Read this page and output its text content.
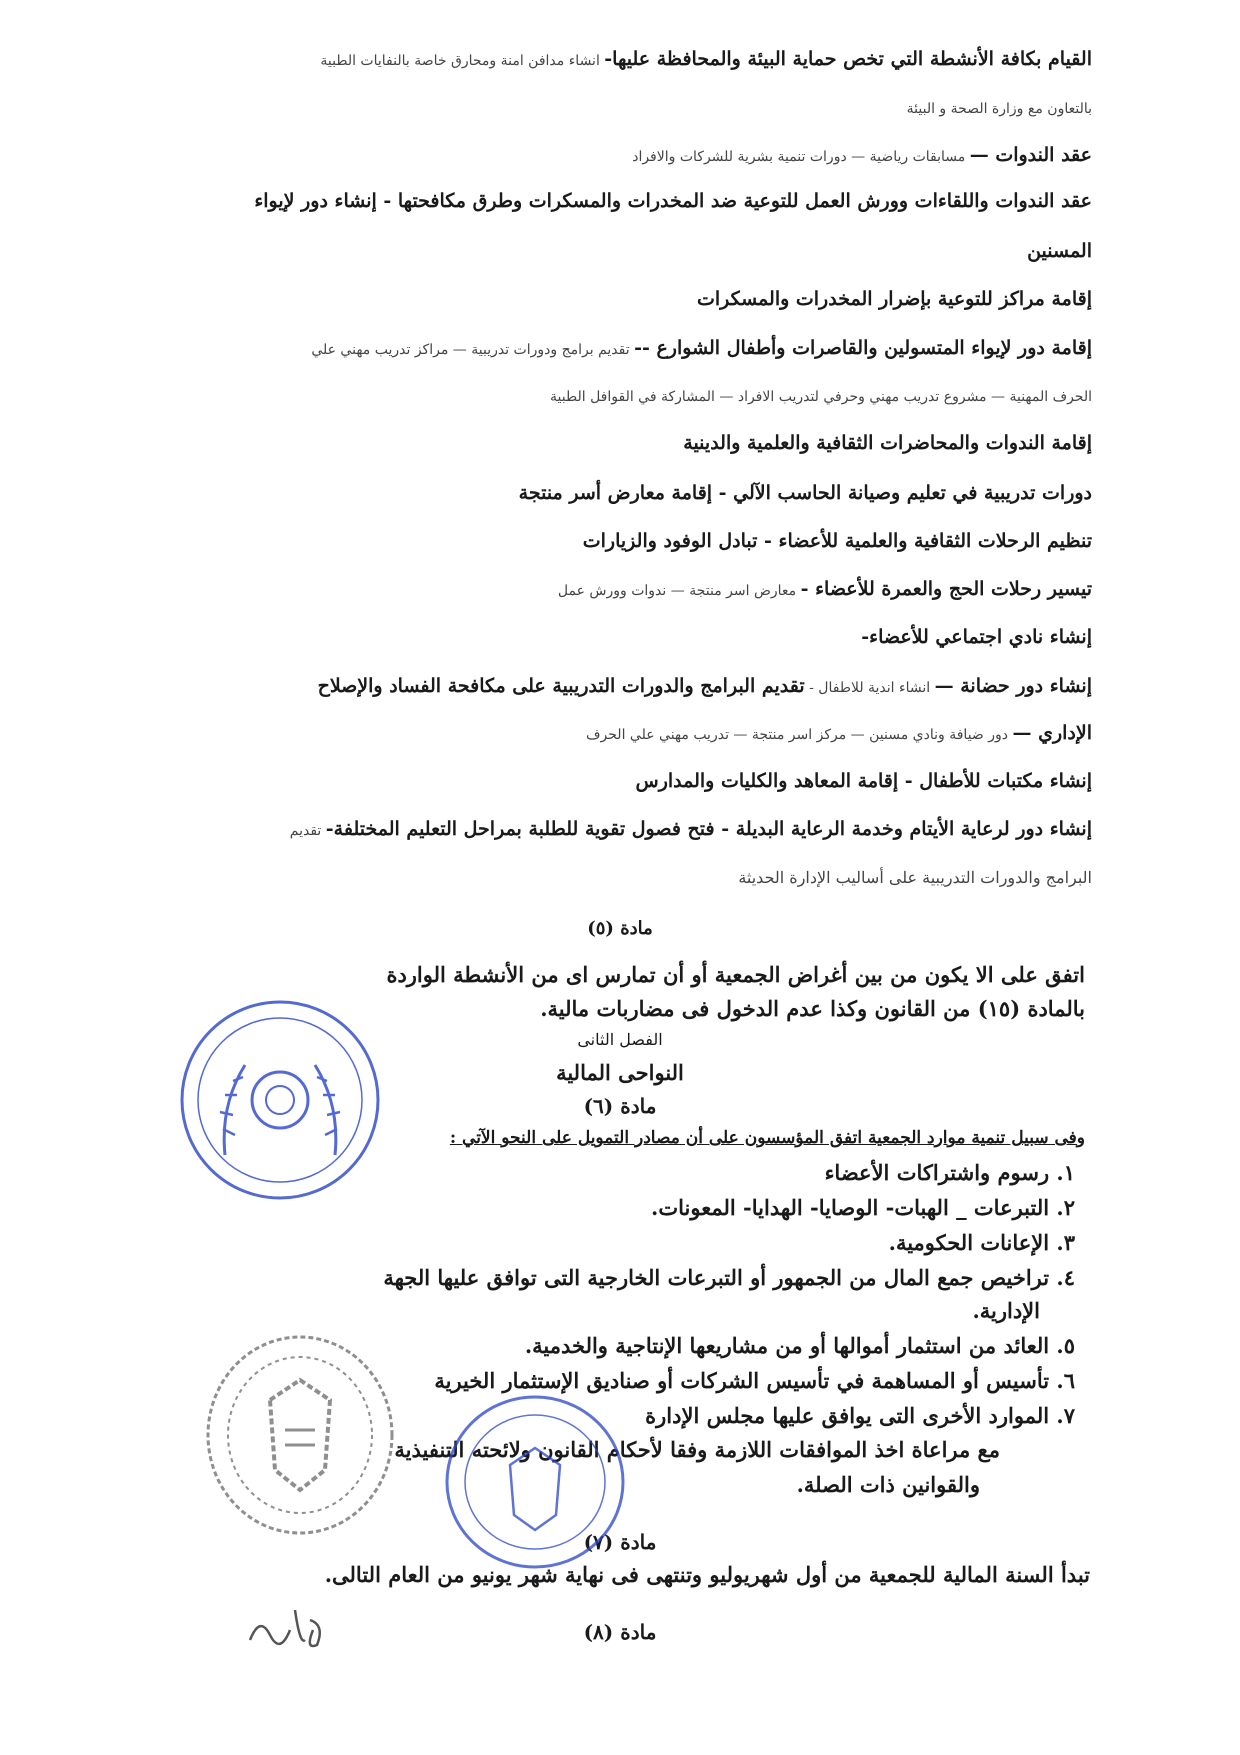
القيام بكافة الأنشطة التي تخص حماية البيئة والمحافظة عليها- انشاء مدافن امنة ومحارق خاصة بالنفايات الطبية
بالتعاون مع وزارة الصحة و البيئة
عقد الندوات — مسابقات رياضية — دورات تنمية بشرية للشركات والافراد
عقد الندوات واللقاءات وورش العمل للتوعية ضد المخدرات والمسكرات وطرق مكافحتها - إنشاء دور لإيواء
المسنين
إقامة مراكز للتوعية بإضرار المخدرات والمسكرات
إقامة دور لإيواء المتسولين والقاصرات وأطفال الشوارع -- تقديم برامج ودورات تدريبية — مراكز تدريب مهني علي
الحرف المهنية — مشروع تدريب مهني وحرفي لتدريب الافراد — المشاركة في القوافل الطبية
إقامة الندوات والمحاضرات الثقافية والعلمية والدينية
دورات تدريبية في تعليم وصيانة الحاسب الآلي - إقامة معارض أسر منتجة
تنظيم الرحلات الثقافية والعلمية للأعضاء - تبادل الوفود والزيارات
تيسير رحلات الحج والعمرة للأعضاء - معارض اسر منتجة — ندوات وورش عمل
إنشاء نادي اجتماعي للأعضاء-
إنشاء دور حضانة — انشاء اندية للاطفال - تقديم البرامج والدورات التدريبية على مكافحة الفساد والإصلاح
الإداري — دور ضيافة ونادي مسنين — مركز اسر منتجة — تدريب مهني علي الحرف
إنشاء مكتبات للأطفال - إقامة المعاهد والكليات والمدارس
إنشاء دور لرعاية الأيتام وخدمة الرعاية البديلة - فتح فصول تقوية للطلبة بمراحل التعليم المختلفة- تقديم
البرامج والدورات التدريبية على أساليب الإدارة الحديثة
مادة (٥)
اتفق على الا يكون من بين أغراض الجمعية أو أن تمارس اى من الأنشطة الواردة
بالمادة (١٥) من القانون وكذا عدم الدخول فى مضاربات مالية.
الفصل الثانى
النواحى المالية
مادة (٦)
وفى سبيل تنمية موارد الجمعية اتفق المؤسسون على أن مصادر التمويل على النحو الآتي :
١. رسوم واشتراكات الأعضاء
٢. التبرعات _ الهبات- الوصايا- الهدايا- المعونات.
٣. الإعانات الحكومية.
٤. تراخيص جمع المال من الجمهور أو التبرعات الخارجية التى توافق عليها الجهة
الإدارية.
٥. العائد من استثمار أموالها أو من مشاريعها الإنتاجية والخدمية.
٦. تأسيس أو المساهمة في تأسيس الشركات أو صناديق الإستثمار الخيرية
٧. الموارد الأخرى التى يوافق عليها مجلس الإدارة
مع مراعاة اخذ الموافقات اللازمة وفقا لأحكام القانون ولائحته التنفيذية
والقوانين ذات الصلة.
مادة (٧)
تبدأ السنة المالية للجمعية من أول شهريوليو وتنتهى فى نهاية شهر يونيو من العام التالى.
مادة (٨)
